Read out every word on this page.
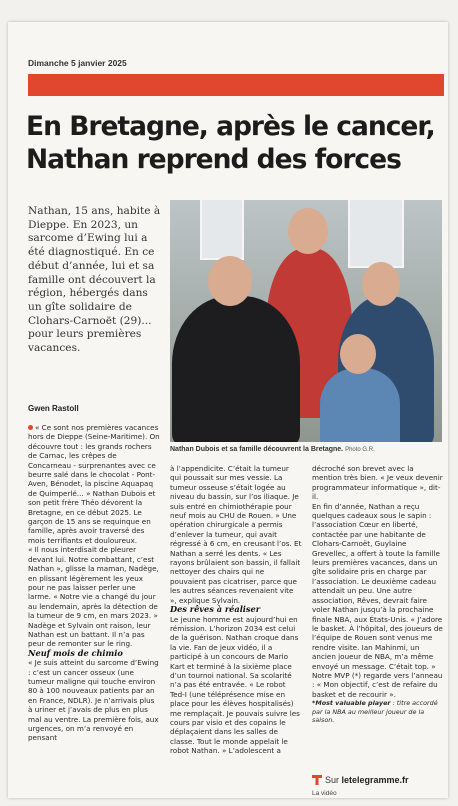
Dimanche 5 janvier 2025
En Bretagne, après le cancer,
Nathan reprend des forces

Nathan, 15 ans, habite à Dieppe. En 2023, un sarcome d’Ewing lui a été diagnostiqué. En ce début d’année, lui et sa famille ont découvert la région, hébergés dans un gîte solidaire de Clohars-Carnoët (29)... pour leurs premières vacances.

Nathan Dubois et sa famille découvrent la Bretagne. Photo G.R.
Gwen Rastoll

« Ce sont nos premières vacances hors de Dieppe (Seine-Maritime). On découvre tout : les grands rochers de Carnac, les crêpes de Concarneau - surprenantes avec ce beurre salé dans le chocolat - Pont-Aven, Bénodet, la piscine Aquapaq de Quimperlé... » Nathan Dubois et son petit frère Théo dévorent la Bretagne, en ce début 2025. Le garçon de 15 ans se requinque en famille, après avoir traversé des mois terrifiants et douloureux.

« Il nous interdisait de pleurer devant lui. Notre combattant, c’est Nathan », glisse la maman, Nadège, en plissant légèrement les yeux pour ne pas laisser perler une larme. « Notre vie a changé du jour au lendemain, après la détection de la tumeur de 9 cm, en mars 2023. » Nadège et Sylvain ont raison, leur Nathan est un battant. Il n’a pas peur de remonter sur le ring.

Neuf mois de chimio

« Je suis atteint du sarcome d’Ewing : c’est un cancer osseux (une tumeur maligne qui touche environ 80 à 100 nouveaux patients par an en France, NDLR). Je n’arrivais plus à uriner et j’avais de plus en plus mal au ventre. La première fois, aux urgences, on m’a renvoyé en pensant

à l’appendicite. C’était la tumeur qui poussait sur mes vessie. La tumeur osseuse s’était logée au niveau du bassin, sur l’os iliaque. Je suis entré en chimiothérapie pour neuf mois au CHU de Rouen. » Une opération chirurgicale a permis d’enlever la tumeur, qui avait régressé à 6 cm, en creusant l’os. Et Nathan a serré les dents. « Les rayons brûlaient son bassin, il fallait nettoyer des chairs qui ne pouvaient pas cicatriser, parce que les autres séances revenaient vite », explique Sylvain.

Des rêves à réaliser

Le jeune homme est aujourd’hui en rémission. L’horizon 2034 est celui de la guérison. Nathan croque dans la vie. Fan de jeux vidéo, il a participé à un concours de Mario Kart et terminé à la sixième place d’un tournoi national. Sa scolarité n’a pas été entravée. « Le robot Ted-I (une téléprésence mise en place pour les élèves hospitalisés) me remplaçait. Je pouvais suivre les cours par visio et des copains le déplaçaient dans les salles de classe. Tout le monde appelait le robot Nathan. » L’adolescent a

décroché son brevet avec la mention très bien. « Je veux devenir programmateur informatique », dit-il.

En fin d’année, Nathan a reçu quelques cadeaux sous le sapin : l’association Cœur en liberté, contactée par une habitante de Clohars-Carnoët, Guylaine Grevellec, a offert à toute la famille leurs premières vacances, dans un gîte solidaire pris en charge par l’association. Le deuxième cadeau attendait un peu. Une autre association, Rêves, devrait faire voler Nathan jusqu’à la prochaine finale NBA, aux États-Unis. « J’adore le basket. À l’hôpital, des joueurs de l’équipe de Rouen sont venus me rendre visite. Ian Mahinmi, un ancien joueur de NBA, m’a même envoyé un message. C’était top. » Notre MVP (*) regarde vers l’anneau : « Mon objectif, c’est de refaire du basket et de recourir ».

*Most valuable player : titre accordé par la NBA au meilleur joueur de la saison.

Sur letelegramme.fr
La vidéo
